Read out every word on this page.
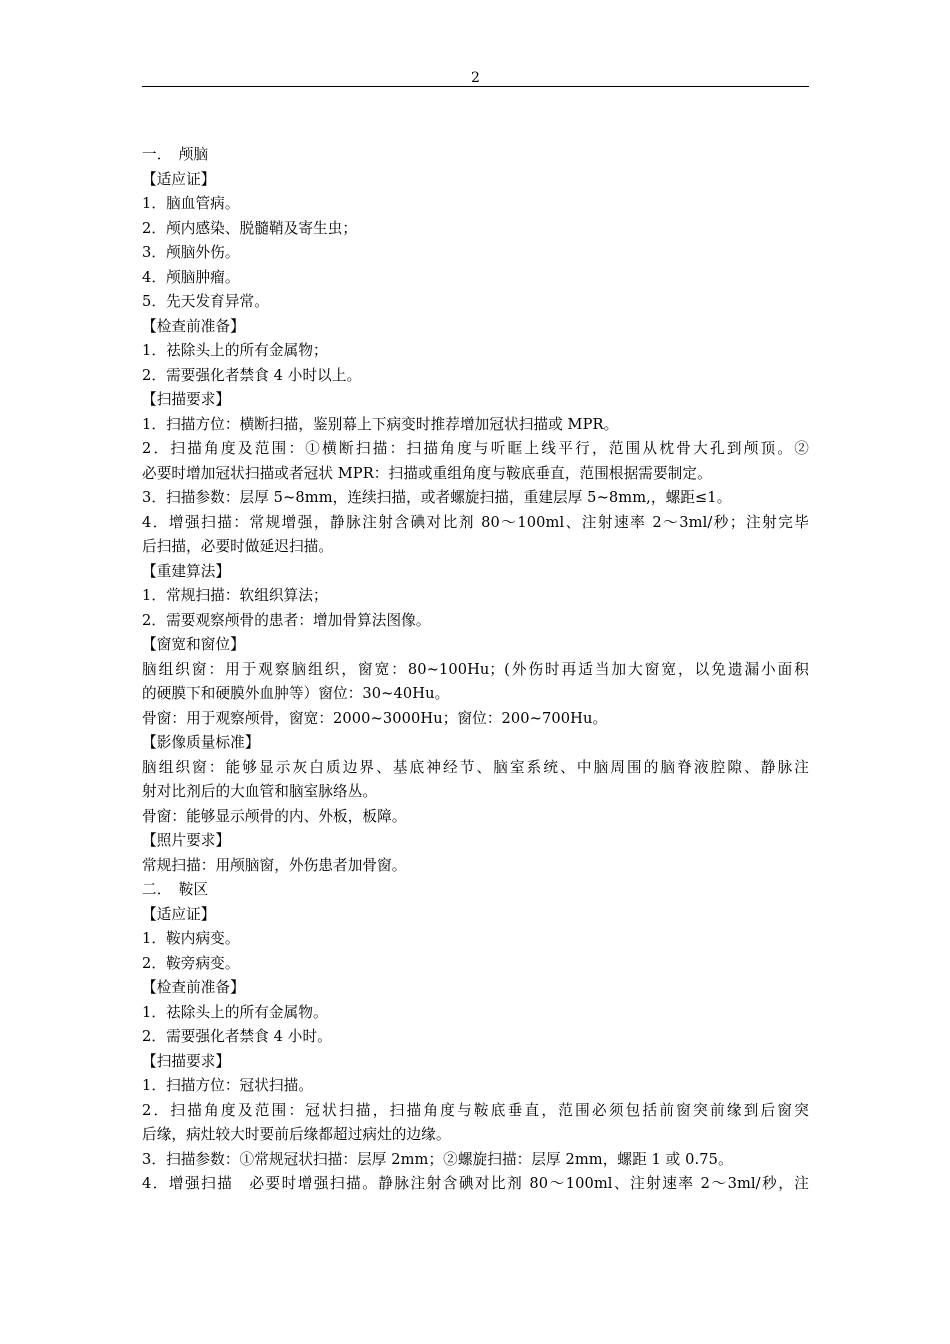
2
一．　颅脑
【适应证】
1．脑血管病。
2．颅内感染、脱髓鞘及寄生虫；
3．颅脑外伤。
4．颅脑肿瘤。
5．先天发育异常。
【检查前准备】
1．祛除头上的所有金属物；
2．需要强化者禁食 4 小时以上。
【扫描要求】
1．扫描方位：横断扫描，鉴别幕上下病变时推荐增加冠状扫描或 MPR。
2．扫描角度及范围：①横断扫描：扫描角度与听眶上线平行，范围从枕骨大孔到颅顶。②
必要时增加冠状扫描或者冠状 MPR：扫描或重组角度与鞍底垂直，范围根据需要制定。
3．扫描参数：层厚 5~8mm，连续扫描，或者螺旋扫描，重建层厚 5~8mm,，螺距≤1。
4．增强扫描：常规增强，静脉注射含碘对比剂 80～100ml、注射速率 2～3ml/秒；注射完毕
后扫描，必要时做延迟扫描。
【重建算法】
1．常规扫描：软组织算法；
2．需要观察颅骨的患者：增加骨算法图像。
【窗宽和窗位】
脑组织窗：用于观察脑组织，窗宽：80~100Hu；(外伤时再适当加大窗宽，以免遗漏小面积
的硬膜下和硬膜外血肿等）窗位：30~40Hu。
骨窗：用于观察颅骨，窗宽：2000~3000Hu；窗位：200~700Hu。
【影像质量标准】
脑组织窗：能够显示灰白质边界、基底神经节、脑室系统、中脑周围的脑脊液腔隙、静脉注
射对比剂后的大血管和脑室脉络丛。
骨窗：能够显示颅骨的内、外板，板障。
【照片要求】
常规扫描：用颅脑窗，外伤患者加骨窗。
二．　鞍区
【适应证】
1．鞍内病变。
2．鞍旁病变。
【检查前准备】
1．祛除头上的所有金属物。
2．需要强化者禁食 4 小时。
【扫描要求】
1．扫描方位：冠状扫描。
2．扫描角度及范围：冠状扫描，扫描角度与鞍底垂直，范围必须包括前窗突前缘到后窗突
后缘，病灶较大时要前后缘都超过病灶的边缘。
3．扫描参数：①常规冠状扫描：层厚 2mm；②螺旋扫描：层厚 2mm，螺距 1 或 0.75。
4．增强扫描　必要时增强扫描。静脉注射含碘对比剂 80～100ml、注射速率 2～3ml/秒，注
